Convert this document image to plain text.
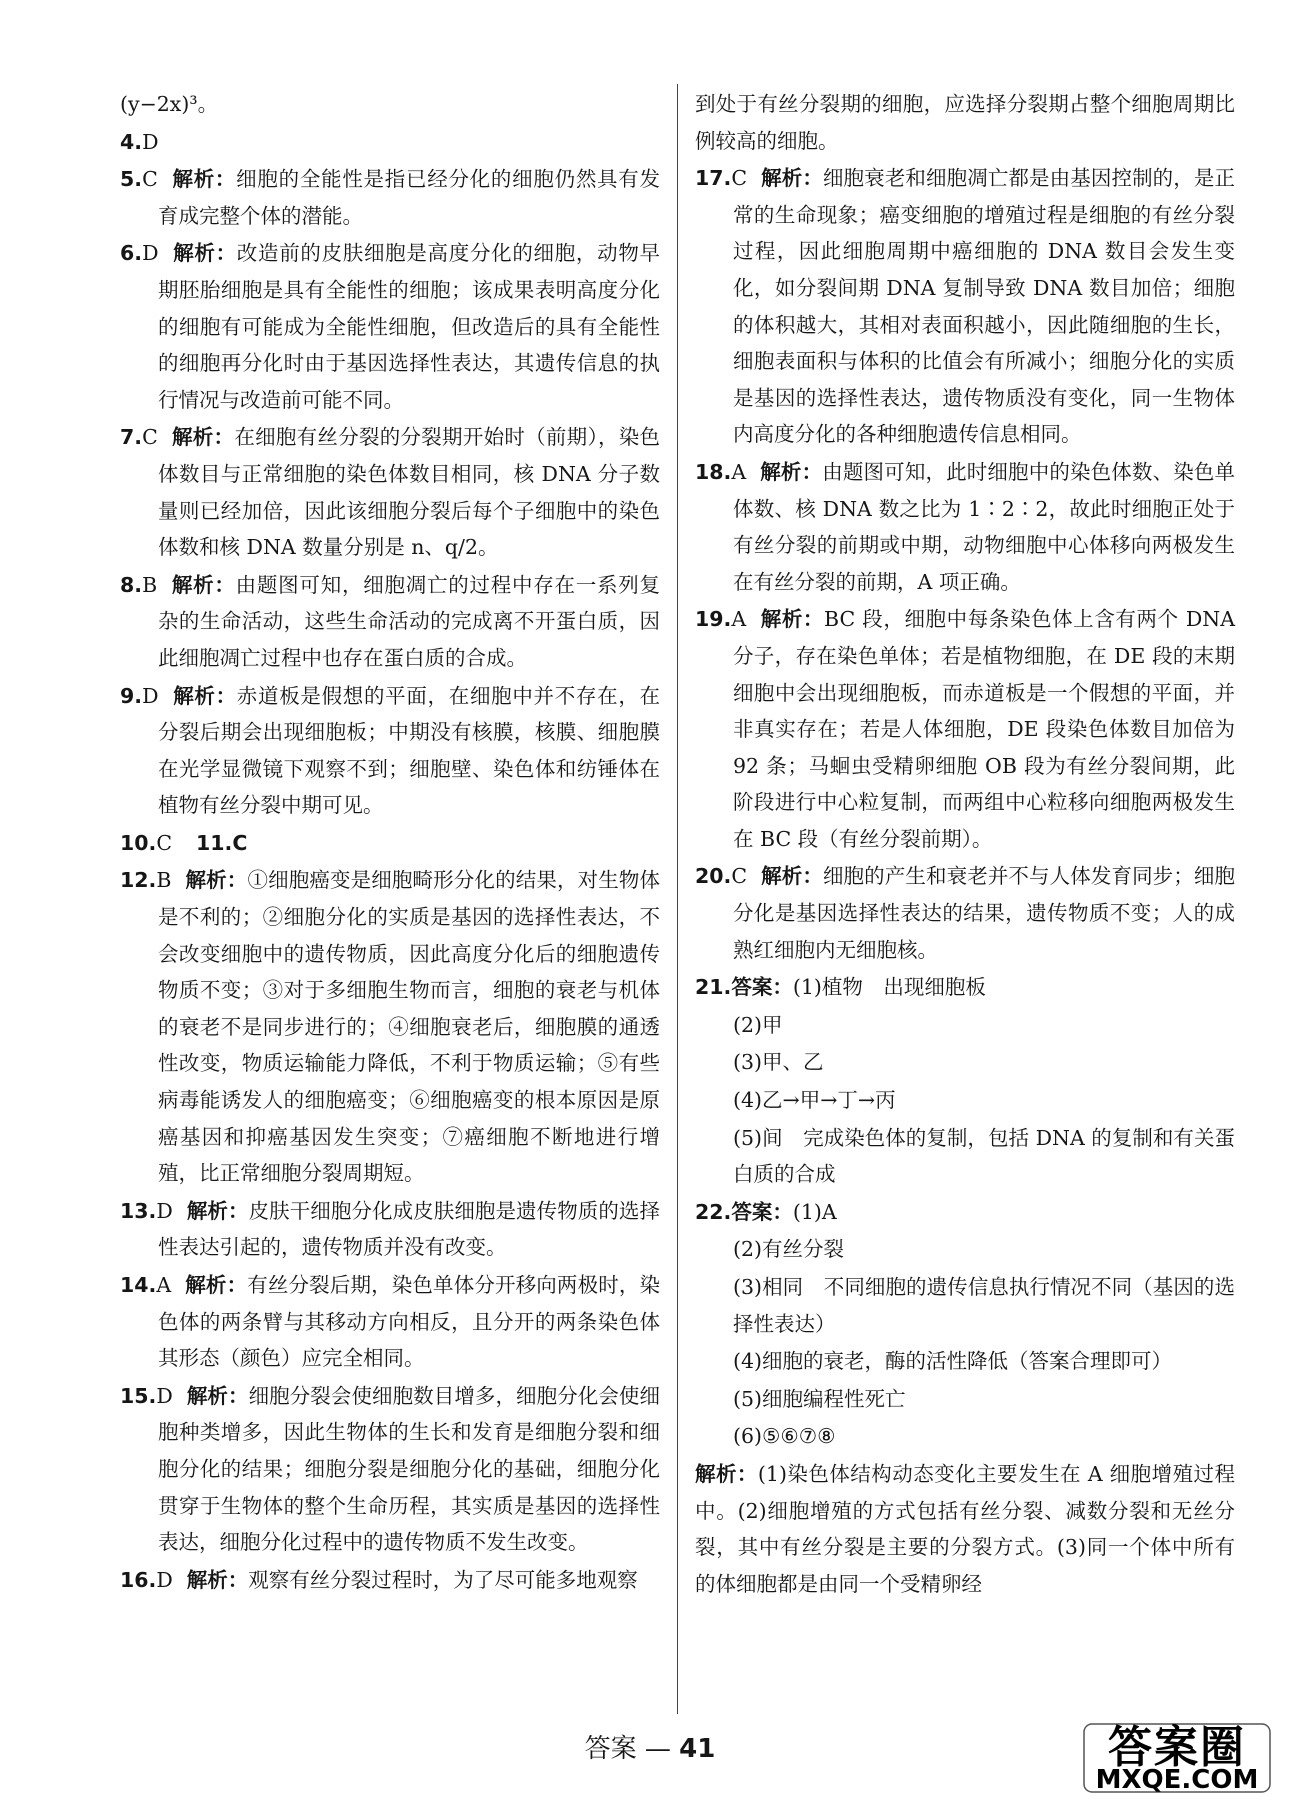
(y−2x)³。
4.D
5.C 解析：细胞的全能性是指已经分化的细胞仍然具有发育成完整个体的潜能。
6.D 解析：改造前的皮肤细胞是高度分化的细胞，动物早期胚胎细胞是具有全能性的细胞；该成果表明高度分化的细胞有可能成为全能性细胞，但改造后的具有全能性的细胞再分化时由于基因选择性表达，其遗传信息的执行情况与改造前可能不同。
7.C 解析：在细胞有丝分裂的分裂期开始时（前期），染色体数目与正常细胞的染色体数目相同，核 DNA 分子数量则已经加倍，因此该细胞分裂后每个子细胞中的染色体数和核 DNA 数量分别是 n、q/2。
8.B 解析：由题图可知，细胞凋亡的过程中存在一系列复杂的生命活动，这些生命活动的完成离不开蛋白质，因此细胞凋亡过程中也存在蛋白质的合成。
9.D 解析：赤道板是假想的平面，在细胞中并不存在，在分裂后期会出现细胞板；中期没有核膜，核膜、细胞膜在光学显微镜下观察不到；细胞壁、染色体和纺锤体在植物有丝分裂中期可见。
10.C 11.C
12.B 解析：①细胞癌变是细胞畸形分化的结果，对生物体是不利的；②细胞分化的实质是基因的选择性表达，不会改变细胞中的遗传物质，因此高度分化后的细胞遗传物质不变；③对于多细胞生物而言，细胞的衰老与机体的衰老不是同步进行的；④细胞衰老后，细胞膜的通透性改变，物质运输能力降低，不利于物质运输；⑤有些病毒能诱发人的细胞癌变；⑥细胞癌变的根本原因是原癌基因和抑癌基因发生突变；⑦癌细胞不断地进行增殖，比正常细胞分裂周期短。
13.D 解析：皮肤干细胞分化成皮肤细胞是遗传物质的选择性表达引起的，遗传物质并没有改变。
14.A 解析：有丝分裂后期，染色单体分开移向两极时，染色体的两条臂与其移动方向相反，且分开的两条染色体其形态（颜色）应完全相同。
15.D 解析：细胞分裂会使细胞数目增多，细胞分化会使细胞种类增多，因此生物体的生长和发育是细胞分裂和细胞分化的结果；细胞分裂是细胞分化的基础，细胞分化贯穿于生物体的整个生命历程，其实质是基因的选择性表达，细胞分化过程中的遗传物质不发生改变。
16.D 解析：观察有丝分裂过程时，为了尽可能多地观察
到处于有丝分裂期的细胞，应选择分裂期占整个细胞周期比例较高的细胞。
17.C 解析：细胞衰老和细胞凋亡都是由基因控制的，是正常的生命现象；癌变细胞的增殖过程是细胞的有丝分裂过程，因此细胞周期中癌细胞的 DNA 数目会发生变化，如分裂间期 DNA 复制导致 DNA 数目加倍；细胞的体积越大，其相对表面积越小，因此随细胞的生长，细胞表面积与体积的比值会有所减小；细胞分化的实质是基因的选择性表达，遗传物质没有变化，同一生物体内高度分化的各种细胞遗传信息相同。
18.A 解析：由题图可知，此时细胞中的染色体数、染色单体数、核 DNA 数之比为 1∶2∶2，故此时细胞正处于有丝分裂的前期或中期，动物细胞中心体移向两极发生在有丝分裂的前期，A 项正确。
19.A 解析：BC 段，细胞中每条染色体上含有两个 DNA 分子，存在染色单体；若是植物细胞，在 DE 段的末期细胞中会出现细胞板，而赤道板是一个假想的平面，并非真实存在；若是人体细胞，DE 段染色体数目加倍为 92 条；马蛔虫受精卵细胞 OB 段为有丝分裂间期，此阶段进行中心粒复制，而两组中心粒移向细胞两极发生在 BC 段（有丝分裂前期）。
20.C 解析：细胞的产生和衰老并不与人体发育同步；细胞分化是基因选择性表达的结果，遗传物质不变；人的成熟红细胞内无细胞核。
21.答案：(1)植物　出现细胞板
(2)甲
(3)甲、乙
(4)乙→甲→丁→丙
(5)间　完成染色体的复制，包括 DNA 的复制和有关蛋白质的合成
22.答案：(1)A
(2)有丝分裂
(3)相同　不同细胞的遗传信息执行情况不同（基因的选择性表达）
(4)细胞的衰老，酶的活性降低（答案合理即可）
(5)细胞编程性死亡
(6)⑤⑥⑦⑧
解析：(1)染色体结构动态变化主要发生在 A 细胞增殖过程中。(2)细胞增殖的方式包括有丝分裂、减数分裂和无丝分裂，其中有丝分裂是主要的分裂方式。(3)同一个体中所有的体细胞都是由同一个受精卵经
答案 — 41	答案圈
MXQE.COM
